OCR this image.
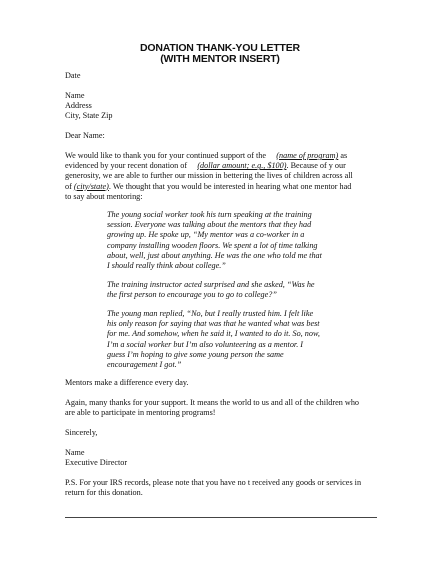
DONATION THANK-YOU LETTER
(WITH MENTOR INSERT)
Date
Name
Address
City, State Zip
Dear Name:
We would like to thank you for your continued support of the (name of program) as
evidenced by your recent donation of (dollar amount; e.g., $100). Because of y our
generosity, we are able to further our mission in bettering the lives of children across all
of (city/state). We thought that you would be interested in hearing what one mentor had
to say about mentoring:
The young social worker took his turn speaking at the training
session. Everyone was talking about the mentors that they had
growing up. He spoke up, “My mentor was a co-worker in a
company installing wooden floors. We spent a lot of time talking
about, well, just about anything. He was the one who told me that
I should really think about college.”
The training instructor acted surprised and she asked, “Was he
the first person to encourage you to go to college?”
The young man replied, “No, but I really trusted him. I felt like
his only reason for saying that was that he wanted what was best
for me. And somehow, when he said it, I wanted to do it. So, now,
I’m a social worker but I’m also volunteering as a mentor. I
guess I’m hoping to give some young person the same
encouragement I got.”
Mentors make a difference every day.
Again, many thanks for your support. It means the world to us and all of the children who
are able to participate in mentoring programs!
Sincerely,
Name
Executive Director
P.S. For your IRS records, please note that you have no t received any goods or services in
return for this donation.
